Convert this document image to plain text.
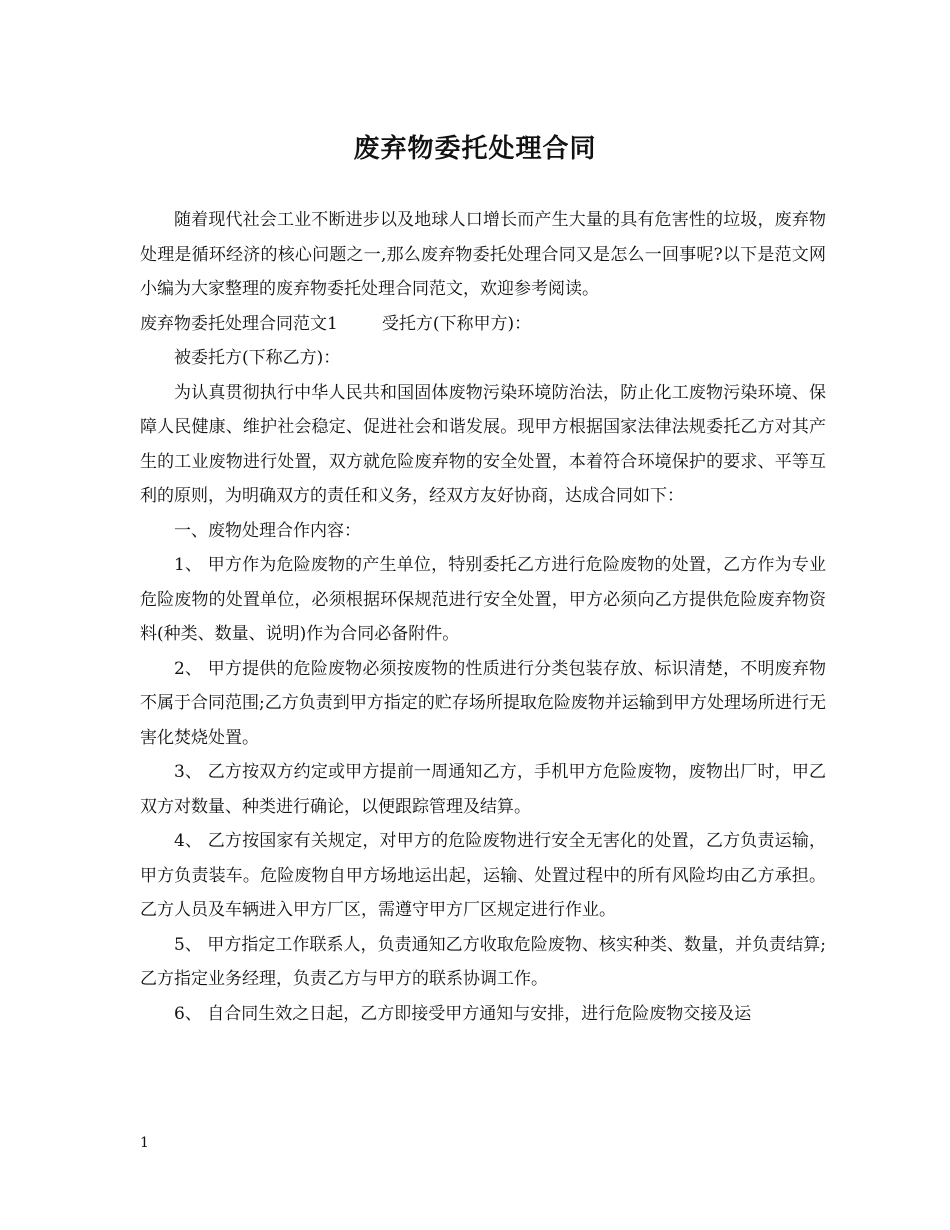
废弃物委托处理合同

随着现代社会工业不断进步以及地球人口增长而产生大量的具有危害性的垃圾，废弃物处理是循环经济的核心问题之一,那么废弃物委托处理合同又是怎么一回事呢?以下是范文网小编为大家整理的废弃物委托处理合同范文，欢迎参考阅读。

废弃物委托处理合同范文1	受托方(下称甲方)：

被委托方(下称乙方)：

为认真贯彻执行中华人民共和国固体废物污染环境防治法，防止化工废物污染环境、保障人民健康、维护社会稳定、促进社会和谐发展。现甲方根据国家法律法规委托乙方对其产生的工业废物进行处置，双方就危险废弃物的安全处置，本着符合环境保护的要求、平等互利的原则，为明确双方的责任和义务，经双方友好协商，达成合同如下：

一、废物处理合作内容：

1、 甲方作为危险废物的产生单位，特别委托乙方进行危险废物的处置，乙方作为专业危险废物的处置单位，必须根据环保规范进行安全处置，甲方必须向乙方提供危险废弃物资料(种类、数量、说明)作为合同必备附件。

2、 甲方提供的危险废物必须按废物的性质进行分类包装存放、标识清楚，不明废弃物不属于合同范围;乙方负责到甲方指定的贮存场所提取危险废物并运输到甲方处理场所进行无害化焚烧处置。

3、 乙方按双方约定或甲方提前一周通知乙方，手机甲方危险废物，废物出厂时，甲乙双方对数量、种类进行确论，以便跟踪管理及结算。

4、 乙方按国家有关规定，对甲方的危险废物进行安全无害化的处置，乙方负责运输，甲方负责装车。危险废物自甲方场地运出起，运输、处置过程中的所有风险均由乙方承担。乙方人员及车辆进入甲方厂区，需遵守甲方厂区规定进行作业。

5、 甲方指定工作联系人，负责通知乙方收取危险废物、核实种类、数量，并负责结算;乙方指定业务经理，负责乙方与甲方的联系协调工作。

6、 自合同生效之日起，乙方即接受甲方通知与安排，进行危险废物交接及运

1
